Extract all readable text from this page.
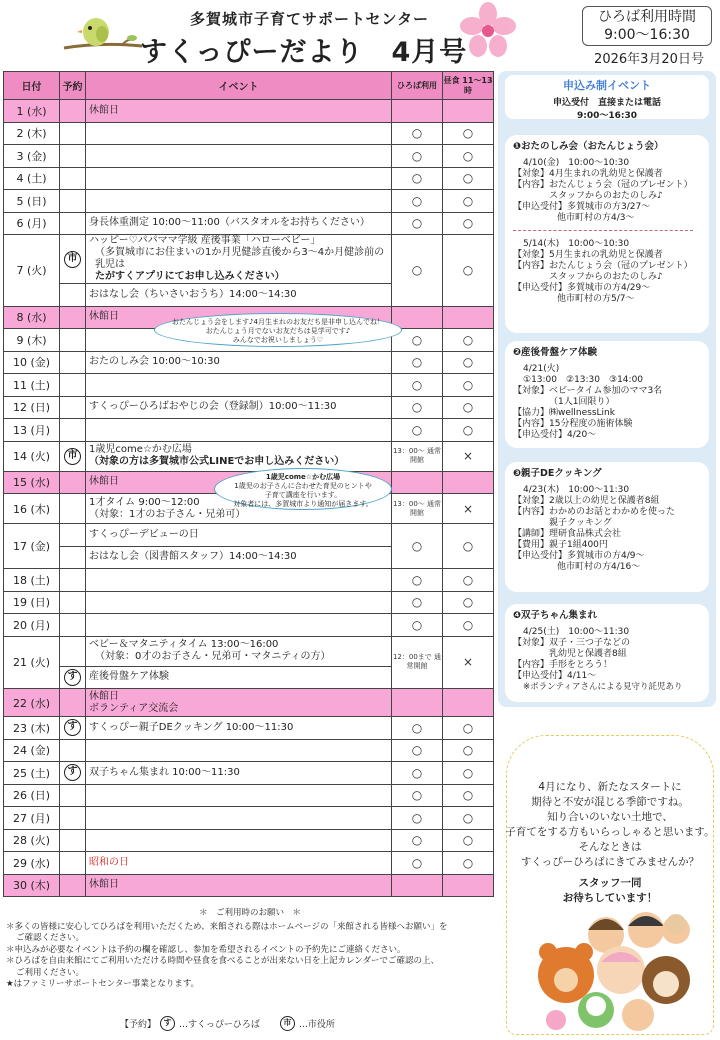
多賀城市子育てサポートセンター
すくっぴーだより　4月号
ひろば利用時間
9:00〜16:30
2026年3月20日号
日付	予約	イベント	ひろば利用	昼食 11〜13時
1 (水)		休館日		
2 (木)			○	○
3 (金)			○	○
4 (土)			○	○
5 (日)			○	○
6 (月)		身長体重測定 10:00〜11:00（バスタオルをお持ちください）	○	○
7 (火)	市	ハッピー♡パパママ学級 産後事業「ハローベビー」
（多賀城市にお住まいの1か月児健診直後から3〜4か月健診前の乳児は
たがすくアプリにてお申し込みください）	○	○
		おはなし会（ちいさいおうち）14:00〜14:30		
8 (水)		休館日		
9 (木)			○	○
10 (金)		おたのしみ会 10:00〜10:30	○	○
11 (土)			○	○
12 (日)		すくっぴーひろばおやじの会（登録制）10:00〜11:30	○	○
13 (月)			○	○
14 (火)	市	1歳児come☆かむ広場
（対象の方は多賀城市公式LINEでお申し込みください）	13：00〜 通常開館	×
15 (水)		休館日		
16 (木)		1才タイム 9:00〜12:00
（対象：1才のお子さん・兄弟可）	13：00〜 通常開館	×
17 (金)		すくっぴーデビューの日	○	○
		おはなし会（図書館スタッフ）14:00〜14:30		
18 (土)			○	○
19 (日)			○	○
20 (月)			○	○
21 (火)		ベビー＆マタニティタイム 13:00〜16:00
（対象：0才のお子さん・兄弟可・マタニティの方）	12：00まで 通常開館	×
	す	産後骨盤ケア体験		
22 (水)		休館日
ボランティア交流会		

23 (木)	す	すくっぴー親子DEクッキング 10:00〜11:30	○	○
24 (金)			○	○
25 (土)	す	双子ちゃん集まれ 10:00〜11:30	○	○
26 (日)			○	○
27 (月)			○	○
28 (火)			○	○
29 (水)		昭和の日	○	○
30 (木)		休館日		
おたんじょう会をします♪4月生まれのお友だち是非申し込んでね！
おたんじょう月でないお友だちは見学可です♪
みんなでお祝いしましょう♡
1歳児come☆かむ広場
1歳児のお子さんに合わせた育児のヒントや
子育て講座を行います。
対象者には、多賀城市より通知が届きます。
申込み制イベント
申込受付　直接または電話
9:00〜16:30
❶おたのしみ会（おたんじょう会）
4/10(金)　10:00〜10:30
【対象】4月生まれの乳幼児と保護者
【内容】おたんじょう会（冠のプレゼント）
スタッフからのおたのしみ♪
【申込受付】多賀城市の方3/27〜
他市町村の方4/3〜
5/14(木)　10:00〜10:30
【対象】5月生まれの乳幼児と保護者
【内容】おたんじょう会（冠のプレゼント）
スタッフからのおたのしみ♪
【申込受付】多賀城市の方4/29〜
他市町村の方5/7〜
❷産後骨盤ケア体験
4/21(火)
①13:00　②13:30　③14:00
【対象】ベビータイム参加のママ3名
（1人1回限り）
【協力】㈱wellnessLink
【内容】15分程度の施術体験
【申込受付】4/20〜
❸親子DEクッキング
4/23(木)　10:00〜11:30
【対象】2歳以上の幼児と保護者8組
【内容】わかめのお話とわかめを使った
親子クッキング
【講師】理研食品株式会社
【費用】親子1組400円
【申込受付】多賀城市の方4/9〜
他市町村の方4/16〜
❹双子ちゃん集まれ
4/25(土)　10:00〜11:30
【対象】双子・三つ子などの
乳幼児と保護者8組
【内容】手形をとろう！
【申込受付】4/11〜
※ボランティアさんによる見守り託児あり
4月になり、新たなスタートに
期待と不安が混じる季節ですね。
知り合いのいない土地で、
子育てをする方もいらっしゃると思います。
そんなときは
すくっぴーひろばにきてみませんか？
スタッフ一同
お待ちしています！
＊　ご利用時のお願い　＊
＊多くの皆様に安心してひろばを利用いただくため、来館される際はホームページの「来館される皆様へお願い」を
ご確認ください。
＊申込みが必要なイベントは予約の欄を確認し、参加を希望されるイベントの予約先にご連絡ください。
＊ひろばを自由来館にてご利用いただける時間や昼食を食べることが出来ない日を上記カレンダーでご確認の上、
ご利用ください。
★はファミリーサポートセンター事業となります。
【予約】 す …すくっぴーひろば	市 …市役所
